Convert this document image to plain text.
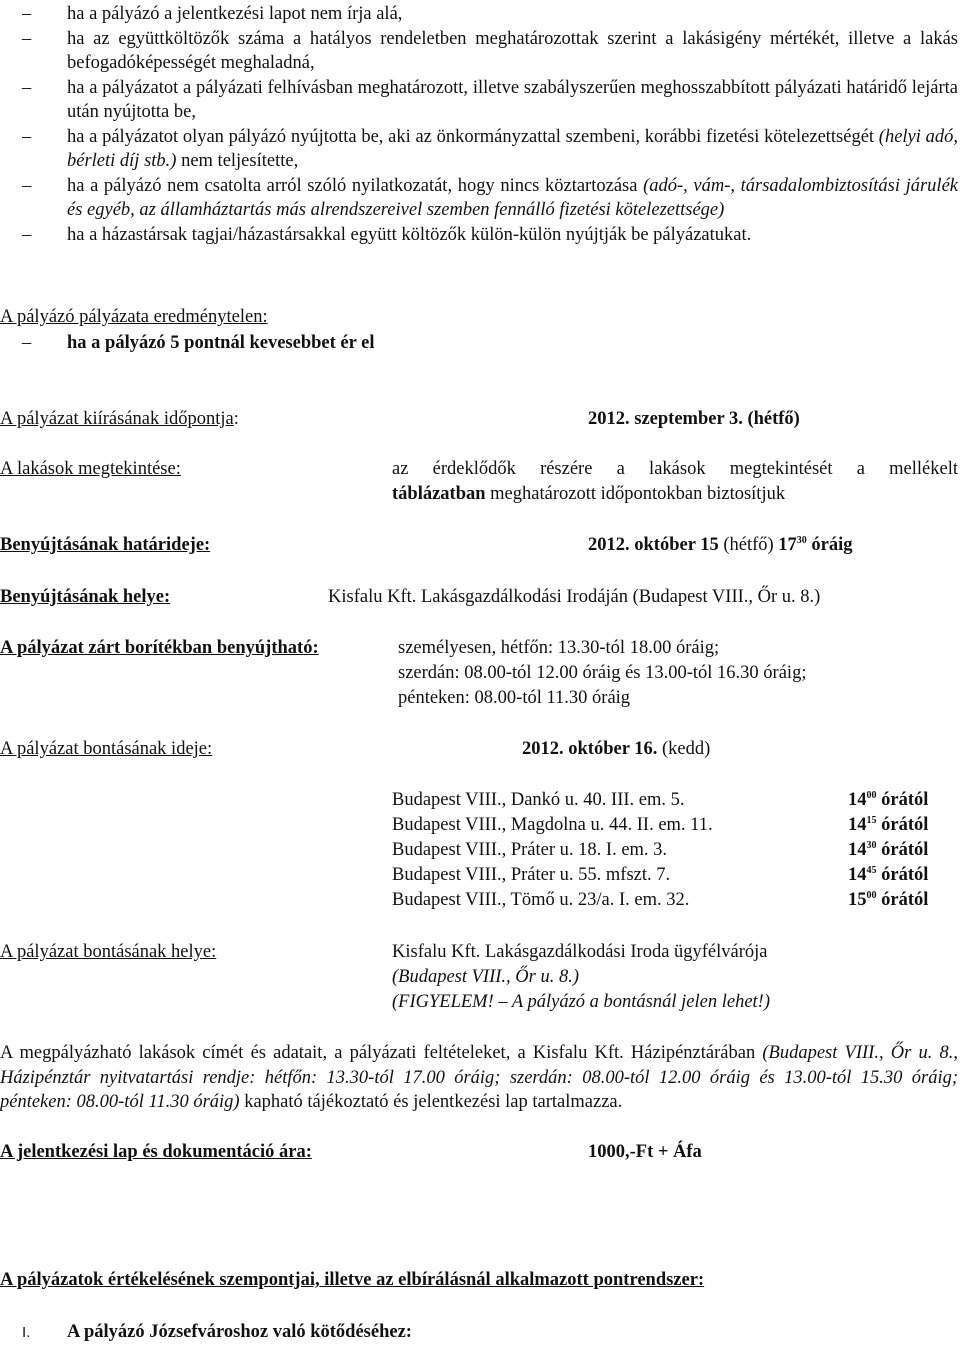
– ha a pályázó a jelentkezési lapot nem írja alá,
– ha az együttköltözők száma a hatályos rendeletben meghatározottak szerint a lakásigény mértékét, illetve a lakás befogadóképességét meghaladná,
– ha a pályázatot a pályázati felhívásban meghatározott, illetve szabályszerűen meghosszabbított pályázati határidő lejárta után nyújtotta be,
– ha a pályázatot olyan pályázó nyújtotta be, aki az önkormányzattal szembeni, korábbi fizetési kötelezettségét (helyi adó, bérleti díj stb.) nem teljesítette,
– ha a pályázó nem csatolta arról szóló nyilatkozatát, hogy nincs köztartozása (adó-, vám-, társadalombiztosítási járulék és egyéb, az államháztartás más alrendszereivel szemben fennálló fizetési kötelezettsége)
– ha a házastársak tagjai/házastársakkal együtt költözők külön-külön nyújtják be pályázatukat.
A pályázó pályázata eredménytelen:
ha a pályázó 5 pontnál kevesebbet ér el
–
A pályázat kiírásának időpontja:	2012. szeptember 3. (hétfő)
A lakások megtekintése:	az érdeklődők részére a lakások megtekintését a mellékelt
táblázatban meghatározott időpontokban biztosítjuk
Benyújtásának határideje:	2012. október 15 (hétfő) $17^{30}$ óráig
Benyújtásának helye:	Kisfalu Kft. Lakásgazdálkodási Irodáján (Budapest VIII., Őr u. 8.)
A pályázat zárt borítékban benyújtható:	személyesen, hétfőn: 13.30-tól 18.00 óráig;
szerdán: 08.00-tól 12.00 óráig és 13.00-tól 16.30 óráig;
pénteken: 08.00-tól 11.30 óráig
A pályázat bontásának ideje:	2012. október 16. (kedd)
Budapest VIII., Dankó u. 40. III. em. 5.	$14^{00}$ órától
Budapest VIII., Magdolna u. 44. II. em. 11.	$14^{15}$ órától
Budapest VIII., Práter u. 18. I. em. 3.	$14^{30}$ órától
Budapest VIII., Práter u. 55. mfszt. 7.	$14^{45}$ órától
Budapest VIII., Tömő u. 23/a. I. em. 32.	$15^{00}$ órától
A pályázat bontásának helye:	Kisfalu Kft. Lakásgazdálkodási Iroda ügyfélvárója
(Budapest VIII., Őr u. 8.)
(FIGYELEM! – A pályázó a bontásnál jelen lehet!)
A megpályázható lakások címét és adatait, a pályázati feltételeket, a Kisfalu Kft. Házipénztárában (Budapest VIII., Őr u. 8., Házipénztár nyitvatartási rendje: hétfőn: 13.30-tól 17.00 óráig; szerdán: 08.00-tól 12.00 óráig és 13.00-tól 15.30 óráig; pénteken: 08.00-tól 11.30 óráig) kapható tájékoztató és jelentkezési lap tartalmazza.
A jelentkezési lap és dokumentáció ára:	1000,-Ft + Áfa
A pályázatok értékelésének szempontjai, illetve az elbírálásnál alkalmazott pontrendszer:
I. A pályázó Józsefvároshoz való kötődéséhez:
